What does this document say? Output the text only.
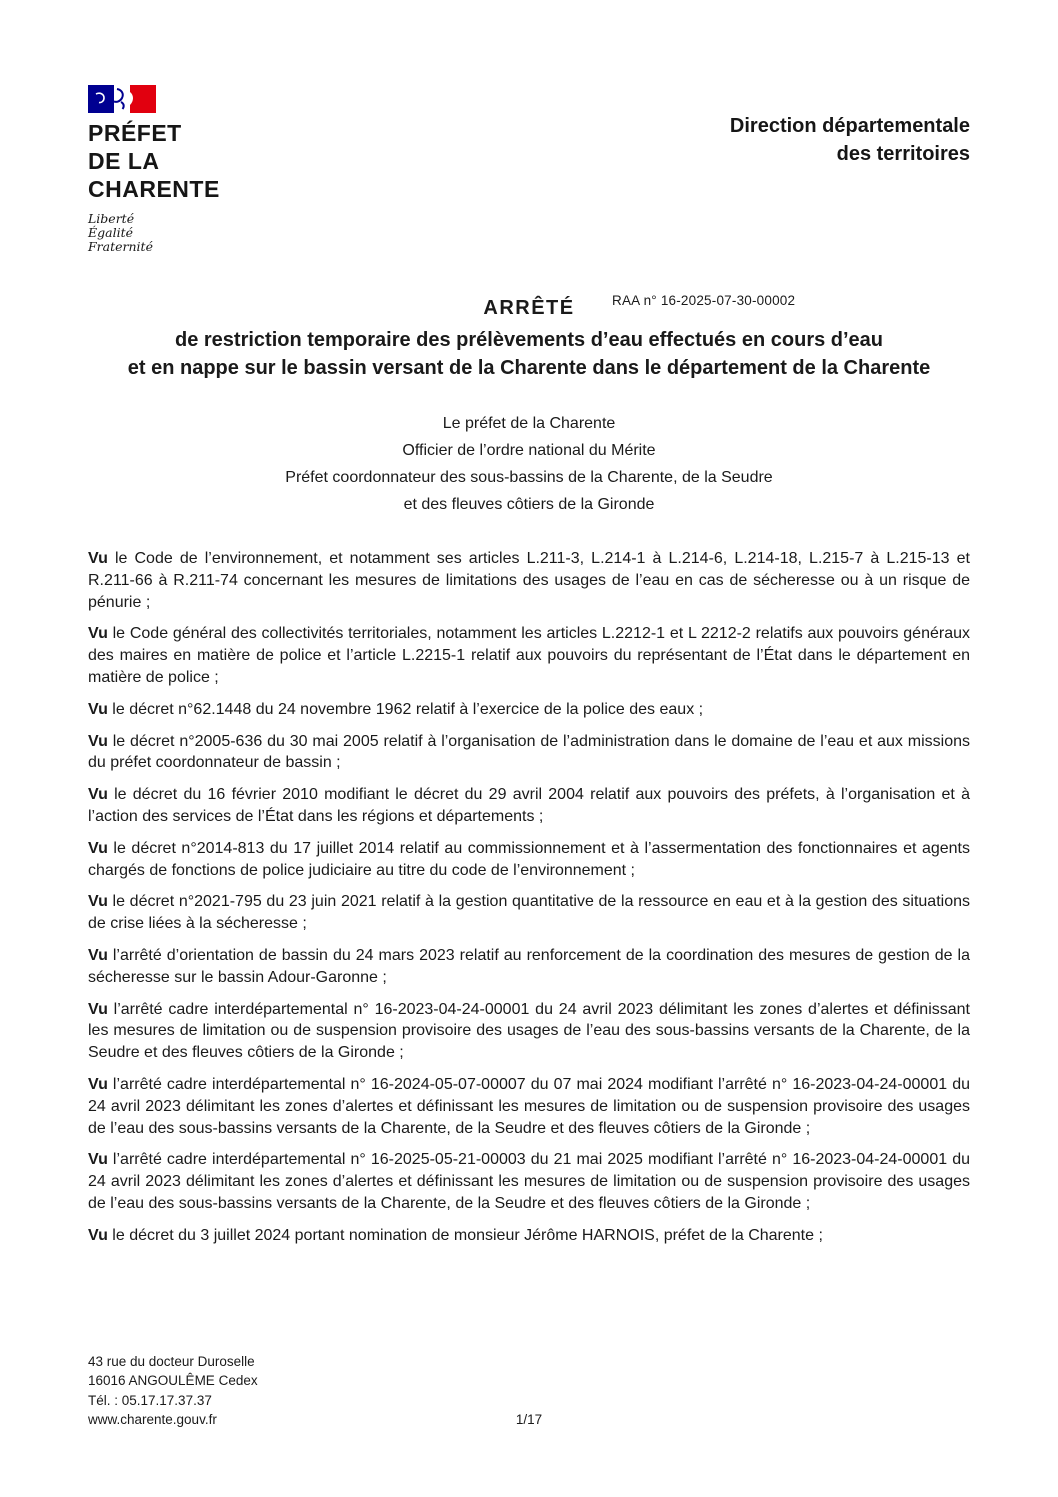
PRÉFET
DE LA
CHARENTE
Liberté
Égalité
Fraternité
Direction départementale
des territoires
ARRÊTÉ	RAA n° 16-2025-07-30-00002
de restriction temporaire des prélèvements d’eau effectués en cours d’eau
et en nappe sur le bassin versant de la Charente dans le département de la Charente

Le préfet de la Charente

Officier de l’ordre national du Mérite

Préfet coordonnateur des sous-bassins de la Charente, de la Seudre

et des fleuves côtiers de la Gironde

Vu le Code de l’environnement, et notamment ses articles L.211-3, L.214-1 à L.214-6, L.214-18, L.215-7 à L.215-13 et R.211-66 à R.211-74 concernant les mesures de limitations des usages de l’eau en cas de sécheresse ou à un risque de pénurie ;

Vu le Code général des collectivités territoriales, notamment les articles L.2212-1 et L 2212-2 relatifs aux pouvoirs généraux des maires en matière de police et l’article L.2215-1 relatif aux pouvoirs du représentant de l’État dans le département en matière de police ;

Vu le décret n°62.1448 du 24 novembre 1962 relatif à l’exercice de la police des eaux ;

Vu le décret n°2005-636 du 30 mai 2005 relatif à l’organisation de l’administration dans le domaine de l’eau et aux missions du préfet coordonnateur de bassin ;

Vu le décret du 16 février 2010 modifiant le décret du 29 avril 2004 relatif aux pouvoirs des préfets, à l’organisation et à l’action des services de l’État dans les régions et départements ;

Vu le décret n°2014-813 du 17 juillet 2014 relatif au commissionnement et à l’assermentation des fonctionnaires et agents chargés de fonctions de police judiciaire au titre du code de l’environnement ;

Vu le décret n°2021-795 du 23 juin 2021 relatif à la gestion quantitative de la ressource en eau et à la gestion des situations de crise liées à la sécheresse ;

Vu l’arrêté d’orientation de bassin du 24 mars 2023 relatif au renforcement de la coordination des mesures de gestion de la sécheresse sur le bassin Adour-Garonne ;

Vu l’arrêté cadre interdépartemental n° 16-2023-04-24-00001 du 24 avril 2023 délimitant les zones d’alertes et définissant les mesures de limitation ou de suspension provisoire des usages de l’eau des sous-bassins versants de la Charente, de la Seudre et des fleuves côtiers de la Gironde ;

Vu l’arrêté cadre interdépartemental n° 16-2024-05-07-00007 du 07 mai 2024 modifiant l’arrêté n° 16-2023-04-24-00001 du 24 avril 2023 délimitant les zones d’alertes et définissant les mesures de limitation ou de suspension provisoire des usages de l’eau des sous-bassins versants de la Charente, de la Seudre et des fleuves côtiers de la Gironde ;

Vu l’arrêté cadre interdépartemental n° 16-2025-05-21-00003 du 21 mai 2025 modifiant l’arrêté n° 16-2023-04-24-00001 du 24 avril 2023 délimitant les zones d’alertes et définissant les mesures de limitation ou de suspension provisoire des usages de l’eau des sous-bassins versants de la Charente, de la Seudre et des fleuves côtiers de la Gironde ;

Vu le décret du 3 juillet 2024 portant nomination de monsieur Jérôme HARNOIS, préfet de la Charente ;

43 rue du docteur Duroselle
16016 ANGOULÊME Cedex
Tél. : 05.17.17.37.37
www.charente.gouv.fr	1/17
